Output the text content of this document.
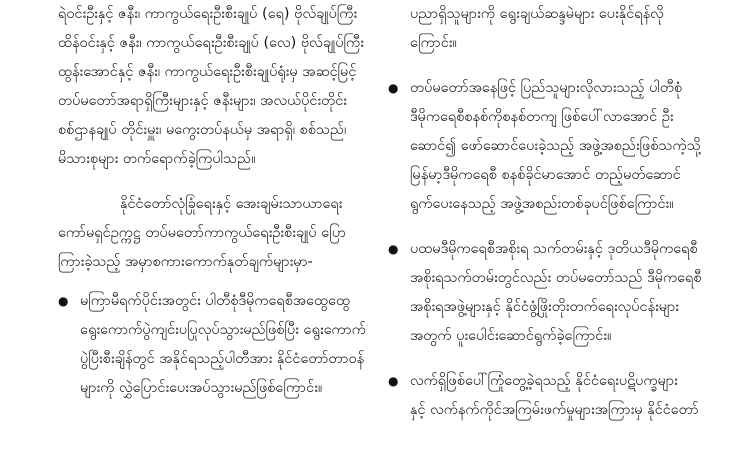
ရဲဝင်းဦးနှင့် ဇနီး၊ ကာကွယ်ရေးဦးစီးချုပ် (ရေ) ဗိုလ်ချုပ်ကြီး
ထိန်ဝင်းနှင့် ဇနီး၊ ကာကွယ်ရေးဦးစီးချုပ် (လေ) ဗိုလ်ချုပ်ကြီး
ထွန်းအောင်နှင့် ဇနီး၊ ကာကွယ်ရေးဦးစီးချုပ်ရုံးမှ အဆင့်မြင့်
တပ်မတော်အရာရှိကြီးများနှင့် ဇနီးများ၊ အလယ်ပိုင်းတိုင်း
စစ်ဌာနချုပ် တိုင်းမှူး၊ မကွေးတပ်နယ်မှ အရာရှိ၊ စစ်သည်၊
မိသားစုများ တက်ရောက်ခဲ့ကြပါသည်။
နိုင်ငံတော်လုံခြုံရေးနှင့် အေးချမ်းသာယာရေး
ကော်မရှင်ဥက္ကဋ္ဌ တပ်မတော်ကာကွယ်ရေးဦးစီးချုပ် ပြော
ကြားခဲ့သည့် အမှာစကားကောက်နုတ်ချက်များမှာ-
● မကြာမီရက်ပိုင်းအတွင်း ပါတီစုံဒီမိုကရေစီအထွေထွေ
ရွေးကောက်ပွဲကျင်းပပြုလုပ်သွားမည်ဖြစ်ပြီး ရွေးကောက်
ပွဲပြီးစီးချိန်တွင် အနိုင်ရသည့်ပါတီအား နိုင်ငံတော်တာဝန်
များကို လွှဲပြောင်းပေးအပ်သွားမည်ဖြစ်ကြောင်း။
ပညာရှိသူများကို ရွေးချယ်ဆန္ဒမဲများ ပေးနိုင်ရန်လို
ကြောင်း။
● တပ်မတော်အနေဖြင့် ပြည်သူများလိုလားသည့် ပါတီစုံ
ဒီမိုကရေစီစနစ်ကိုစနစ်တကျ ဖြစ်ပေါ်လာအောင် ဦး
ဆောင်၍ ဖော်ဆောင်ပေးခဲ့သည့် အဖွဲ့အစည်းဖြစ်သကဲ့သို့
မြန်မာ့ဒီမိုကရေစီ စနစ်ခိုင်မာအောင် တည့်မတ်ဆောင်
ရွက်ပေးနေသည့် အဖွဲ့အစည်းတစ်ခုပင်ဖြစ်ကြောင်း။
● ပထမဒီမိုကရေစီအစိုးရ သက်တမ်းနှင့် ဒုတိယဒီမိုကရေစီ
အစိုးရသက်တမ်းတွင်လည်း တပ်မတော်သည် ဒီမိုကရေစီ
အစိုးရအဖွဲ့များနှင့် နိုင်ငံဖွံ့ဖြိုးတိုးတက်ရေးလုပ်ငန်းများ
အတွက် ပူးပေါင်းဆောင်ရွက်ခဲ့ကြောင်း။
● လက်ရှိဖြစ်ပေါ်ကြုံတွေ့ခဲ့ရသည့် နိုင်ငံရေးပဋိပက္ခများ
နှင့် လက်နက်ကိုင်အကြမ်းဖက်မှုများအကြားမှ နိုင်ငံတော်
